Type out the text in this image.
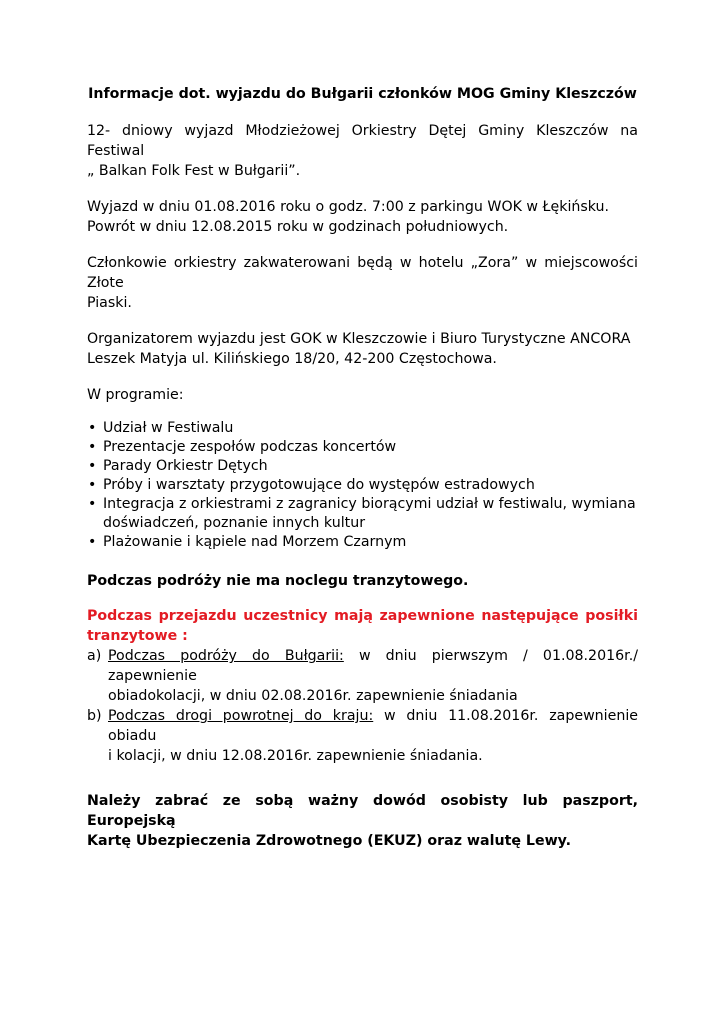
Informacje dot. wyjazdu do Bułgarii członków MOG Gminy Kleszczów
12- dniowy wyjazd Młodzieżowej Orkiestry Dętej Gminy Kleszczów na Festiwal
„ Balkan Folk Fest w Bułgarii”.
Wyjazd w dniu 01.08.2016 roku o godz. 7:00 z parkingu WOK w Łękińsku.
Powrót w dniu 12.08.2015 roku w godzinach południowych.
Członkowie orkiestry zakwaterowani będą w hotelu „Zora” w miejscowości Złote
Piaski.
Organizatorem wyjazdu jest GOK w Kleszczowie i Biuro Turystyczne ANCORA
Leszek Matyja ul. Kilińskiego 18/20, 42-200 Częstochowa.
W programie:
• Udział w Festiwalu
• Prezentacje zespołów podczas koncertów
• Parady Orkiestr Dętych
• Próby i warsztaty przygotowujące do występów estradowych
• Integracja z orkiestrami z zagranicy biorącymi udział w festiwalu, wymiana
doświadczeń, poznanie innych kultur
• Plażowanie i kąpiele nad Morzem Czarnym
Podczas podróży nie ma noclegu tranzytowego.
Podczas przejazdu uczestnicy mają zapewnione następujące posiłki
tranzytowe :
a) Podczas podróży do Bułgarii: w dniu pierwszym / 01.08.2016r./ zapewnienie
obiadokolacji, w dniu 02.08.2016r. zapewnienie śniadania
b) Podczas drogi powrotnej do kraju: w dniu 11.08.2016r. zapewnienie obiadu
i kolacji, w dniu 12.08.2016r. zapewnienie śniadania.
Należy zabrać ze sobą ważny dowód osobisty lub paszport, Europejską
Kartę Ubezpieczenia Zdrowotnego (EKUZ) oraz walutę Lewy.
